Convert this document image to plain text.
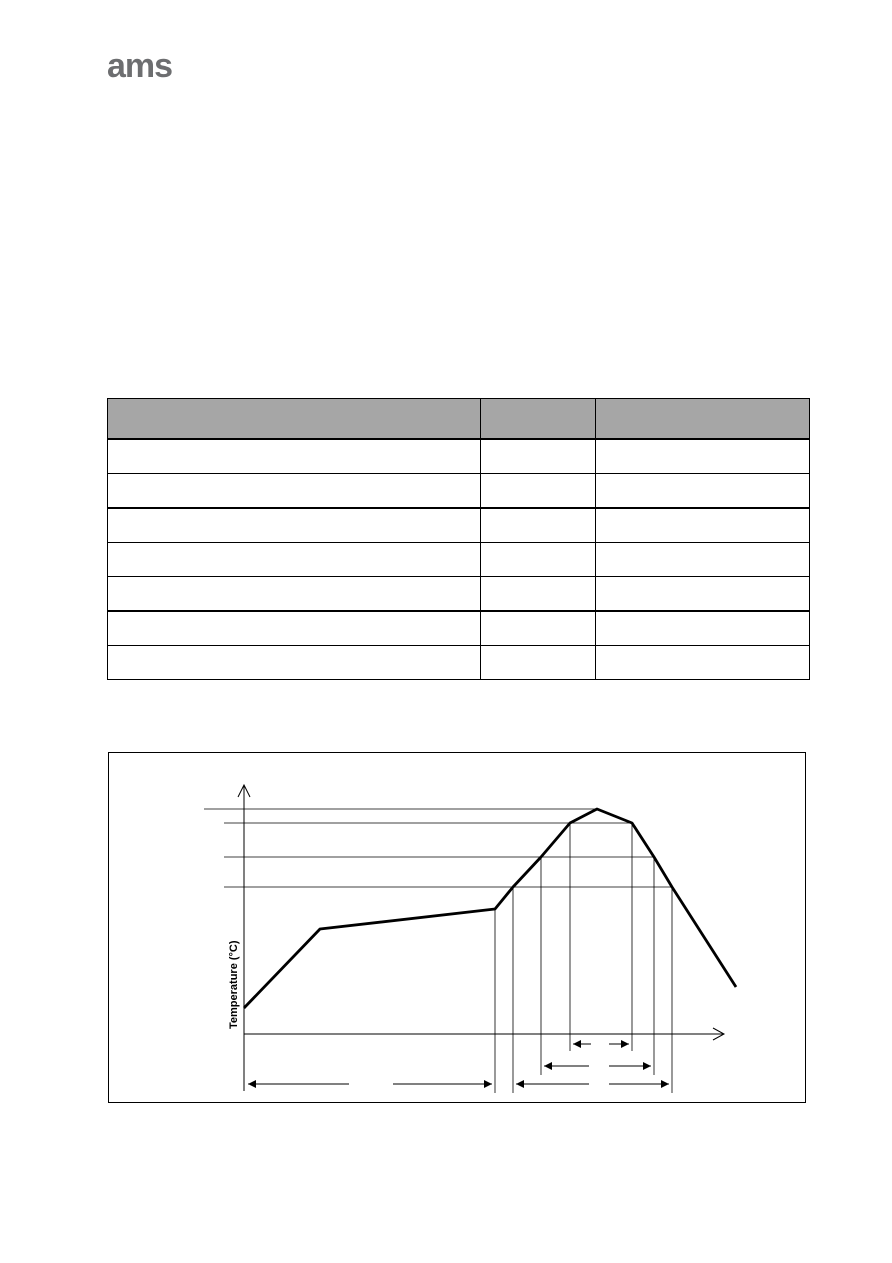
ams

Temperature (°C)
